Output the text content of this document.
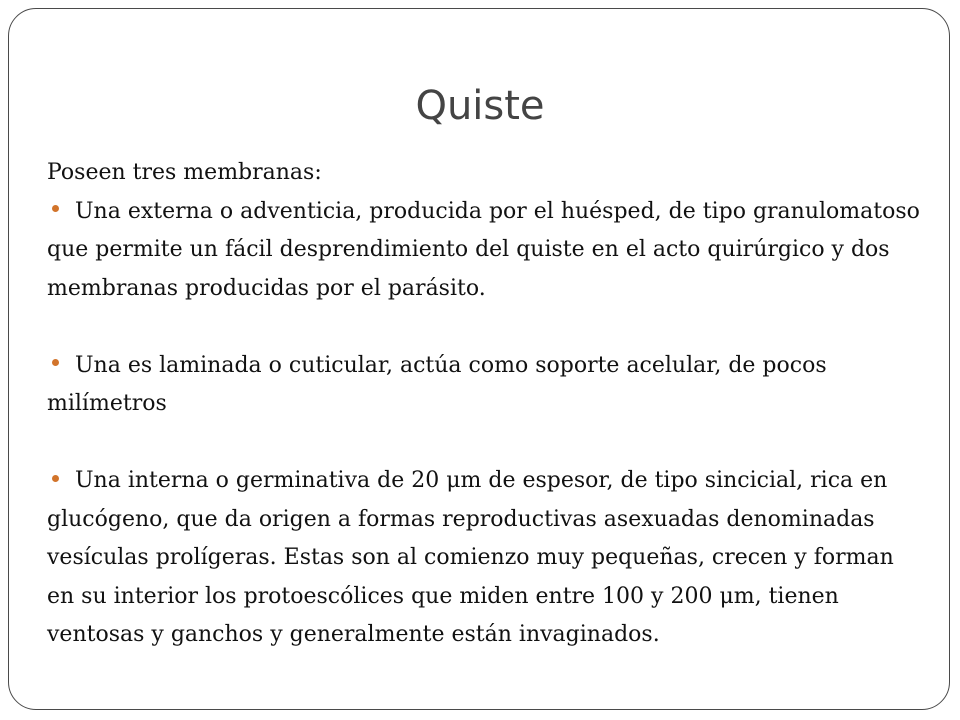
Quiste

Poseen tres membranas:

Una externa o adventicia, producida por el huésped, de tipo granulomatoso que permite un fácil desprendimiento del quiste en el acto quirúrgico y dos membranas producidas por el parásito.

Una es laminada o cuticular, actúa como soporte acelular, de pocos milímetros

Una interna o germinativa de 20 μm de espesor, de tipo sincicial, rica en glucógeno, que da origen a formas reproductivas asexuadas denominadas vesículas prolígeras. Estas son al comienzo muy pequeñas, crecen y forman en su interior los protoescólices que miden entre 100 y 200 μm, tienen ventosas y ganchos y generalmente están invaginados.
